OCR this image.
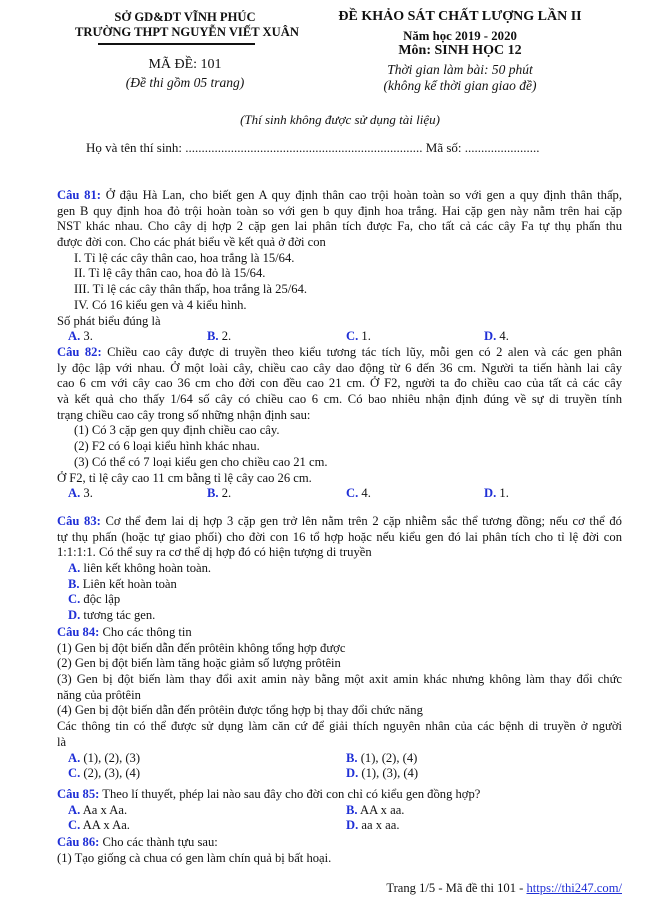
SỞ GD&DT VĨNH PHÚC
TRƯỜNG THPT NGUYỄN VIẾT XUÂN
MÃ ĐỀ: 101
(Đề thi gồm 05 trang)
ĐỀ KHẢO SÁT CHẤT LƯỢNG LẦN II
Năm học 2019 - 2020
Môn: SINH HỌC 12
Thời gian làm bài: 50 phút
(không kể thời gian giao đề)
(Thí sinh không được sử dụng tài liệu)
Họ và tên thí sinh: ......................................................................... Mã số: .......................
Câu 81: Ở đậu Hà Lan, cho biết gen A quy định thân cao trội hoàn toàn so với gen a quy định thân thấp,
gen B quy định hoa đỏ trội hoàn toàn so với gen b quy định hoa trắng. Hai cặp gen này nằm trên hai cặp
NST khác nhau. Cho cây dị hợp 2 cặp gen lai phân tích được Fa, cho tất cả các cây Fa tự thụ phấn thu
được đời con. Cho các phát biểu về kết quả ở đời con
I. Tỉ lệ các cây thân cao, hoa trắng là 15/64.
II. Tỉ lệ cây thân cao, hoa đỏ là 15/64.
III. Tỉ lệ các cây thân thấp, hoa trắng là 25/64.
IV. Có 16 kiểu gen và 4 kiểu hình.
Số phát biểu đúng là
A. 3.	B. 2.	C. 1.	D. 4.
Câu 82: Chiều cao cây được di truyền theo kiểu tương tác tích lũy, mỗi gen có 2 alen và các gen phân
ly độc lập với nhau. Ở một loài cây, chiều cao cây dao động từ 6 đến 36 cm. Người ta tiến hành lai cây
cao 6 cm với cây cao 36 cm cho đời con đều cao 21 cm. Ở F2, người ta đo chiều cao của tất cả các cây
và kết quả cho thấy 1/64 số cây có chiều cao 6 cm. Có bao nhiêu nhận định đúng về sự di truyền tính
trạng chiều cao cây trong số những nhận định sau:
(1) Có 3 cặp gen quy định chiều cao cây.
(2) F2 có 6 loại kiểu hình khác nhau.
(3) Có thể có 7 loại kiểu gen cho chiều cao 21 cm.
Ở F2, tỉ lệ cây cao 11 cm bằng tỉ lệ cây cao 26 cm.
A. 3.	B. 2.	C. 4.	D. 1.
Câu 83: Cơ thể đem lai dị hợp 3 cặp gen trở lên nằm trên 2 cặp nhiễm sắc thể tương đồng; nếu cơ thể đó
tự thụ phấn (hoặc tự giao phối) cho đời con 16 tổ hợp hoặc nếu kiểu gen đó lai phân tích cho tỉ lệ đời con
1:1:1:1. Có thể suy ra cơ thể dị hợp đó có hiện tượng di truyền
A. liên kết không hoàn toàn.
B. Liên kết hoàn toàn
C. độc lập
D. tương tác gen.
Câu 84: Cho các thông tin
(1) Gen bị đột biến dẫn đến prôtêin không tổng hợp được
(2) Gen bị đột biến làm tăng hoặc giảm số lượng prôtêin
(3) Gen bị đột biến làm thay đổi axit amin này bằng một axit amin khác nhưng không làm thay đổi chức
năng của prôtêin
(4) Gen bị đột biến dẫn đến prôtêin được tổng hợp bị thay đổi chức năng
Các thông tin có thể được sử dụng làm căn cứ để giải thích nguyên nhân của các bệnh di truyền ở người
là
A. (1), (2), (3)	B. (1), (2), (4)
C. (2), (3), (4)	D. (1), (3), (4)
Câu 85: Theo lí thuyết, phép lai nào sau đây cho đời con chỉ có kiểu gen đồng hợp?
A. Aa x Aa.	B. AA x aa.
C. AA x Aa.	D. aa x aa.
Câu 86: Cho các thành tựu sau:
(1) Tạo giống cà chua có gen làm chín quả bị bất hoại.
Trang 1/5 - Mã đề thi 101 - https://thi247.com/
